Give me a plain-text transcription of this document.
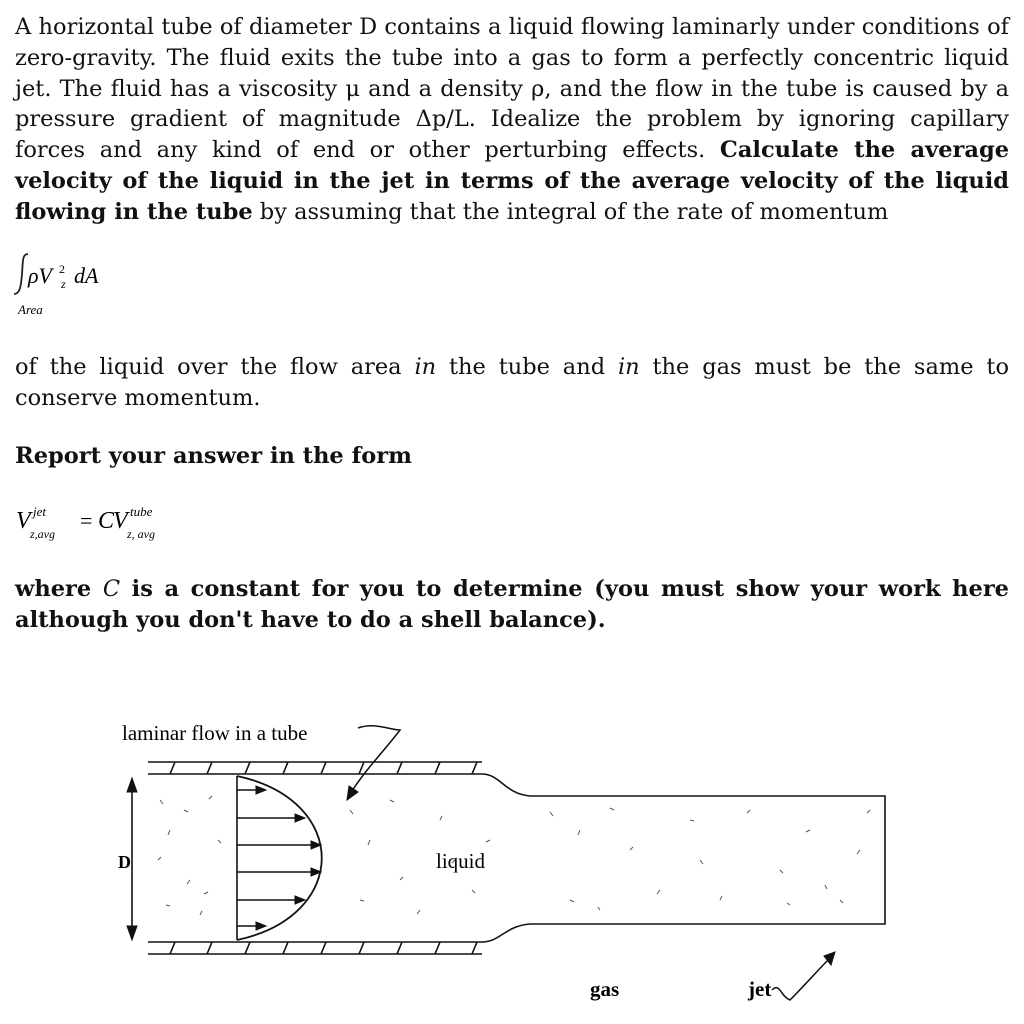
A horizontal tube of diameter D contains a liquid flowing laminarly under conditions of zero-gravity. The fluid exits the tube into a gas to form a perfectly concentric liquid jet. The fluid has a viscosity μ and a density ρ, and the flow in the tube is caused by a pressure gradient of magnitude Δp/L. Idealize the problem by ignoring capillary forces and any kind of end or other perturbing effects. Calculate the average velocity of the liquid in the jet in terms of the average velocity of the liquid flowing in the tube by assuming that the integral of the rate of momentum
ρV 2
z dA
Area
of the liquid over the flow area in the tube and in the gas must be the same to conserve momentum.
Report your answer in the form
V jet
z,avg
= C
V tube
z, avg
where C is a constant for you to determine (you must show your work here although you don't have to do a shell balance).
D
laminar flow in a tube
liquid
gas	jet
